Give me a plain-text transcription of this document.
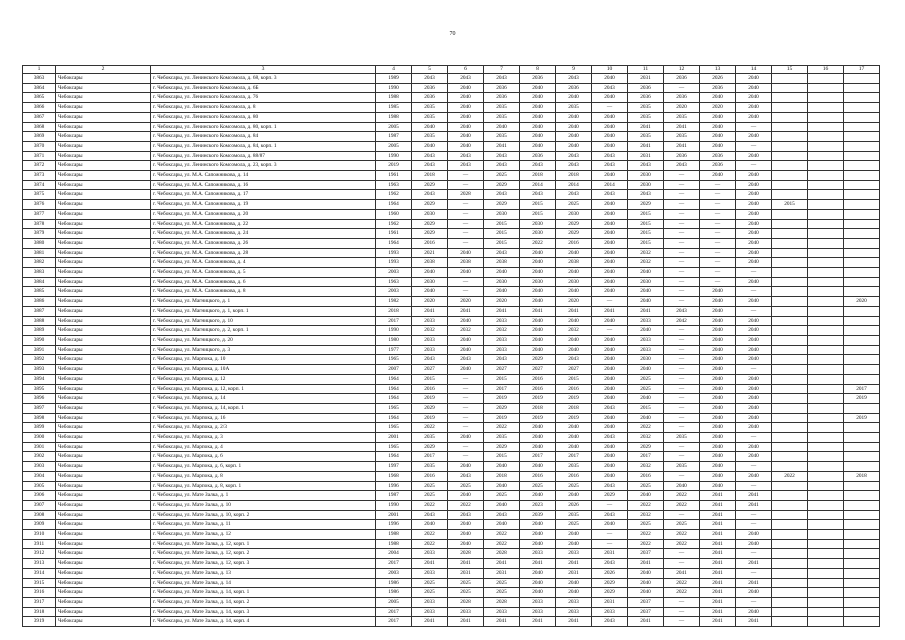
70
1	2	3	4	5	6	7	8	9	10	11	12	13	14	15	16	17
3863	Чебоксары	г. Чебоксары, ул. Ленинского Комсомола, д. 68, корп. 3	1989	2043	2043	2043	2036	2043	2040	2031	2036	2026	2040			
3864	Чебоксары	г. Чебоксары, ул. Ленинского Комсомола, д. 6Б	1990	2036	2040	2036	2040	2036	2043	2036	—	2036	2040			
3865	Чебоксары	г. Чебоксары, ул. Ленинского Комсомола, д. 76	1988	2036	2040	2036	2040	2040	2040	2036	2036	2040	2040			
3866	Чебоксары	г. Чебоксары, ул. Ленинского Комсомола, д. 8	1985	2035	2040	2035	2040	2035	—	2035	2020	2020	2040			
3867	Чебоксары	г. Чебоксары, ул. Ленинского Комсомола, д. 80	1988	2035	2040	2035	2040	2040	2040	2035	2035	2040	2040			
3868	Чебоксары	г. Чебоксары, ул. Ленинского Комсомола, д. 80, корп. 1	2005	2040	2040	2040	2040	2040	2040	2041	2041	2040	—			
3869	Чебоксары	г. Чебоксары, ул. Ленинского Комсомола, д. 84	1987	2035	2040	2035	2040	2040	2040	2035	2035	2040	2040			
3870	Чебоксары	г. Чебоксары, ул. Ленинского Комсомола, д. 84, корп. 1	2005	2040	2040	2041	2040	2040	2040	2041	2041	2040	—			
3871	Чебоксары	г. Чебоксары, ул. Ленинского Комсомола, д. 88/87	1990	2043	2043	2043	2036	2043	2043	2031	2036	2036	2040			
3872	Чебоксары	г. Чебоксары, ул. Ленинского Комсомола, д. 23, корп. 3	2019	2043	2043	2043	2043	2043	2043	2043	2043	2036	—			
3873	Чебоксары	г. Чебоксары, ул. М.А. Сапожникова, д. 14	1961	2018	—	2025	2018	2018	2040	2030	—	2040	2040			
3874	Чебоксары	г. Чебоксары, ул. М.А. Сапожникова, д. 16	1963	2029	—	2029	2014	2014	2014	2030	—	—	2040			
3875	Чебоксары	г. Чебоксары, ул. М.А. Сапожникова, д. 17	1962	2043	2028	2043	2043	2043	2043	2043	—	—	2040			
3876	Чебоксары	г. Чебоксары, ул. М.А. Сапожникова, д. 19	1964	2029	—	2029	2015	2025	2040	2029	—	—	2040	2015		
3877	Чебоксары	г. Чебоксары, ул. М.А. Сапожникова, д. 20	1960	2030	—	2030	2015	2030	2040	2015	—	—	2040			
3878	Чебоксары	г. Чебоксары, ул. М.А. Сапожникова, д. 22	1962	2029	—	2015	2030	2029	2040	2015	—	—	2040			
3879	Чебоксары	г. Чебоксары, ул. М.А. Сапожникова, д. 24	1961	2029	—	2015	2030	2029	2040	2015	—	—	2040			
3880	Чебоксары	г. Чебоксары, ул. М.А. Сапожникова, д. 26	1964	2016	—	2015	2022	2016	2040	2015	—	—	2040			
3881	Чебоксары	г. Чебоксары, ул. М.А. Сапожникова, д. 28	1993	2021	2040	2043	2040	2040	2040	2032	—	—	2040			
3882	Чебоксары	г. Чебоксары, ул. М.А. Сапожникова, д. 4	1993	2038	2038	2038	2040	2038	2040	2032	—	—	2040			
3883	Чебоксары	г. Чебоксары, ул. М.А. Сапожникова, д. 5	2003	2040	2040	2040	2040	2040	2040	2040	—	—	—			
3884	Чебоксары	г. Чебоксары, ул. М.А. Сапожникова, д. 6	1963	2030	—	2030	2030	2030	2040	2030	—	—	2040			
3885	Чебоксары	г. Чебоксары, ул. М.А. Сапожникова, д. 8	2003	2040	—	2040	2040	2040	2040	2040	—	2040	—			
3886	Чебоксары	г. Чебоксары, ул. Магницкого, д. 1	1982	2020	2020	2020	2040	2020	—	2040	—	2040	2040			2020
3887	Чебоксары	г. Чебоксары, ул. Магницкого, д. 1, корп. 1	2018	2041	2041	2041	2041	2041	2041	2041	2043	2040	—			
3888	Чебоксары	г. Чебоксары, ул. Магницкого, д. 10	2017	2033	2040	2033	2040	2040	2040	2033	2042	2040	2040			
3889	Чебоксары	г. Чебоксары, ул. Магницкого, д. 2, корп. 1	1990	2032	2032	2032	2040	2032	—	2040	—	2040	2040			
3890	Чебоксары	г. Чебоксары, ул. Магницкого, д. 20	1980	2033	2040	2033	2040	2040	2040	2033	—	2040	2040			
3891	Чебоксары	г. Чебоксары, ул. Магницкого, д. 3	1977	2033	2040	2033	2040	2040	2040	2033	—	2040	2040			
3892	Чебоксары	г. Чебоксары, ул. Марпока, д. 10	1965	2043	2043	2043	2029	2043	2040	2030	—	2040	2040			
3893	Чебоксары	г. Чебоксары, ул. Марпока, д. 10А	2007	2027	2040	2027	2027	2027	2040	2040	—	2040	—			
3894	Чебоксары	г. Чебоксары, ул. Марпока, д. 12	1964	2015	—	2015	2016	2015	2040	2025	—	2040	2040			
3895	Чебоксары	г. Чебоксары, ул. Марпока, д. 12, корп. 1	1964	2016	—	2017	2016	2016	2040	2025	—	2040	2040			2017
3896	Чебоксары	г. Чебоксары, ул. Марпока, д. 14	1964	2019	—	2019	2019	2019	2040	2040	—	2040	2040			2019
3897	Чебоксары	г. Чебоксары, ул. Марпока, д. 14, корп. 1	1965	2029	—	2029	2018	2018	2043	2015	—	2040	2040			
3898	Чебоксары	г. Чебоксары, ул. Марпока, д. 16	1964	2019	—	2019	2019	2019	2040	2040	—	2040	2040			2019
3899	Чебоксары	г. Чебоксары, ул. Марпока, д. 2/3	1965	2022	—	2022	2040	2040	2040	2022	—	2040	2040			
3900	Чебоксары	г. Чебоксары, ул. Марпока, д. 3	2001	2035	2040	2035	2040	2040	2043	2032	2035	2040	—			
3901	Чебоксары	г. Чебоксары, ул. Марпока, д. 4	1965	2029	—	2029	2040	2040	2040	2029	—	2040	2040			
3902	Чебоксары	г. Чебоксары, ул. Марпока, д. 6	1964	2017	—	2015	2017	2017	2040	2017	—	2040	2040			
3903	Чебоксары	г. Чебоксары, ул. Марпока, д. 6, корп. 1	1997	2035	2040	2040	2040	2035	2040	2032	2035	2040	—			
3904	Чебоксары	г. Чебоксары, ул. Марпока, д. 8	1968	2016	2043	2018	2016	2016	2040	2016	—	2040	2040	2022		2018
3905	Чебоксары	г. Чебоксары, ул. Марпока, д. 8, корп. 1	1996	2025	2025	2040	2025	2025	2043	2025	2040	2040	—			
3906	Чебоксары	г. Чебоксары, ул. Мате Залка, д. 1	1987	2025	2040	2025	2040	2040	2029	2040	2022	2041	2041			
3907	Чебоксары	г. Чебоксары, ул. Мате Залка, д. 10	1990	2022	2022	2040	2023	2026	—	2022	2022	2041	2041			
3908	Чебоксары	г. Чебоксары, ул. Мате Залка, д. 10, корп. 2	2001	2043	2043	2043	2039	2035	2043	2032	—	2041	—			
3909	Чебоксары	г. Чебоксары, ул. Мате Залка, д. 11	1996	2040	2040	2040	2040	2025	2040	2025	2025	2041	—			
3910	Чебоксары	г. Чебоксары, ул. Мате Залка, д. 12	1988	2022	2040	2022	2040	2040	—	2022	2022	2041	2040			
3911	Чебоксары	г. Чебоксары, ул. Мате Залка, д. 12, корп. 1	1988	2022	2040	2022	2040	2040	—	2022	2022	2041	2040			
3912	Чебоксары	г. Чебоксары, ул. Мате Залка, д. 12, корп. 2	2004	2033	2028	2028	2033	2033	2031	2037	—	2041	—			
3913	Чебоксары	г. Чебоксары, ул. Мате Залка, д. 12, корп. 3	2017	2041	2041	2041	2041	2041	2043	2041	—	2041	2041			
3914	Чебоксары	г. Чебоксары, ул. Мате Залка, д. 13	2003	2033	2031	2031	2040	2031	2026	2040	2041	2041	—			
3915	Чебоксары	г. Чебоксары, ул. Мате Залка, д. 14	1986	2025	2025	2025	2040	2040	2029	2040	2022	2041	2041			
3916	Чебоксары	г. Чебоксары, ул. Мате Залка, д. 14, корп. 1	1986	2025	2025	2025	2040	2040	2029	2040	2022	2041	2040			
3917	Чебоксары	г. Чебоксары, ул. Мате Залка, д. 14, корп. 2	2005	2033	2028	2028	2033	2033	2031	2037	—	2041	—			
3918	Чебоксары	г. Чебоксары, ул. Мате Залка, д. 14, корп. 3	2017	2033	2033	2033	2033	2033	2033	2037	—	2041	2040			
3919	Чебоксары	г. Чебоксары, ул. Мате Залка, д. 14, корп. 4	2017	2041	2041	2041	2041	2041	2043	2041	—	2041	2041			
